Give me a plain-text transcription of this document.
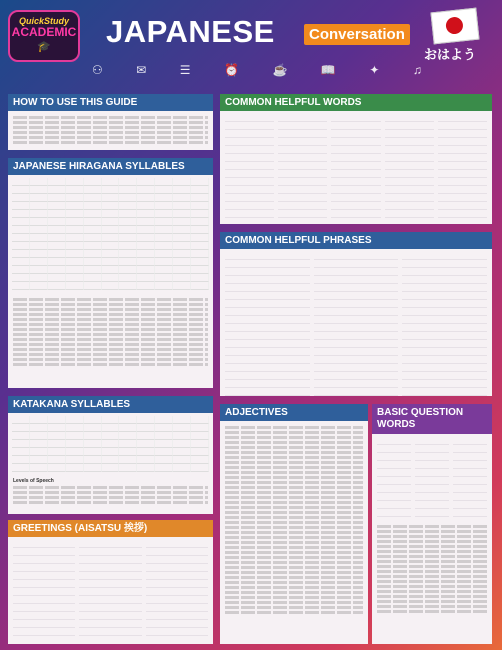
QuickStudy
ACADEMIC
🎓	JAPANESE	Conversation
おはよう
⚇	✉	☰	⏰	☕	📖	✦	♫
HOW TO USE THIS GUIDE
JAPANESE HIRAGANA SYLLABLES
KATAKANA SYLLABLES
Levels of Speech
GREETINGS (AISATSU 挨拶)
COMMON HELPFUL WORDS
COMMON HELPFUL PHRASES
ADJECTIVES	BASIC QUESTION WORDS
